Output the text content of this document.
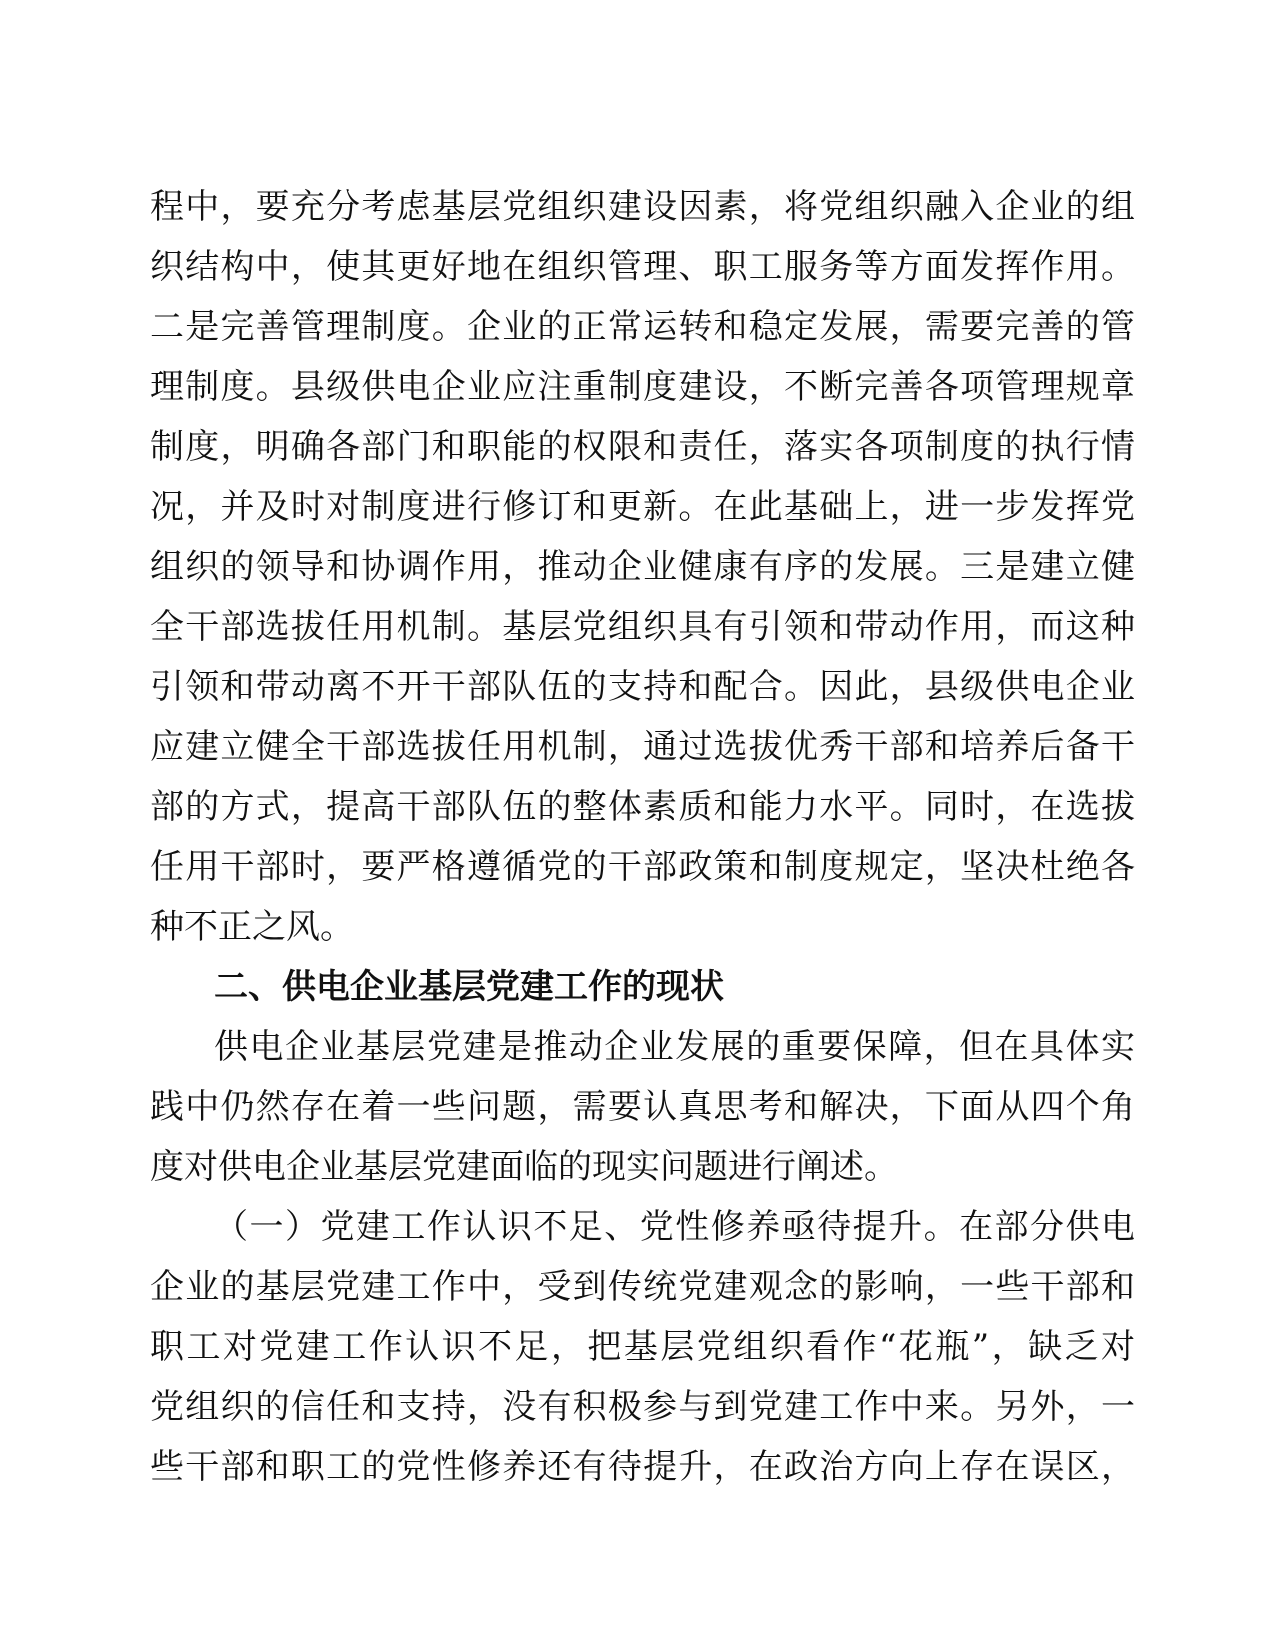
程中，要充分考虑基层党组织建设因素，将党组织融入企业的组
织结构中，使其更好地在组织管理、职工服务等方面发挥作用。
二是完善管理制度。企业的正常运转和稳定发展，需要完善的管
理制度。县级供电企业应注重制度建设，不断完善各项管理规章
制度，明确各部门和职能的权限和责任，落实各项制度的执行情
况，并及时对制度进行修订和更新。在此基础上，进一步发挥党
组织的领导和协调作用，推动企业健康有序的发展。三是建立健
全干部选拔任用机制。基层党组织具有引领和带动作用，而这种
引领和带动离不开干部队伍的支持和配合。因此，县级供电企业
应建立健全干部选拔任用机制，通过选拔优秀干部和培养后备干
部的方式，提高干部队伍的整体素质和能力水平。同时，在选拔
任用干部时，要严格遵循党的干部政策和制度规定，坚决杜绝各
种不正之风。
二、供电企业基层党建工作的现状
供电企业基层党建是推动企业发展的重要保障，但在具体实
践中仍然存在着一些问题，需要认真思考和解决，下面从四个角
度对供电企业基层党建面临的现实问题进行阐述。
（一）党建工作认识不足、党性修养亟待提升。在部分供电
企业的基层党建工作中，受到传统党建观念的影响，一些干部和
职工对党建工作认识不足，把基层党组织看作“花瓶”，缺乏对
党组织的信任和支持，没有积极参与到党建工作中来。另外，一
些干部和职工的党性修养还有待提升，在政治方向上存在误区，
